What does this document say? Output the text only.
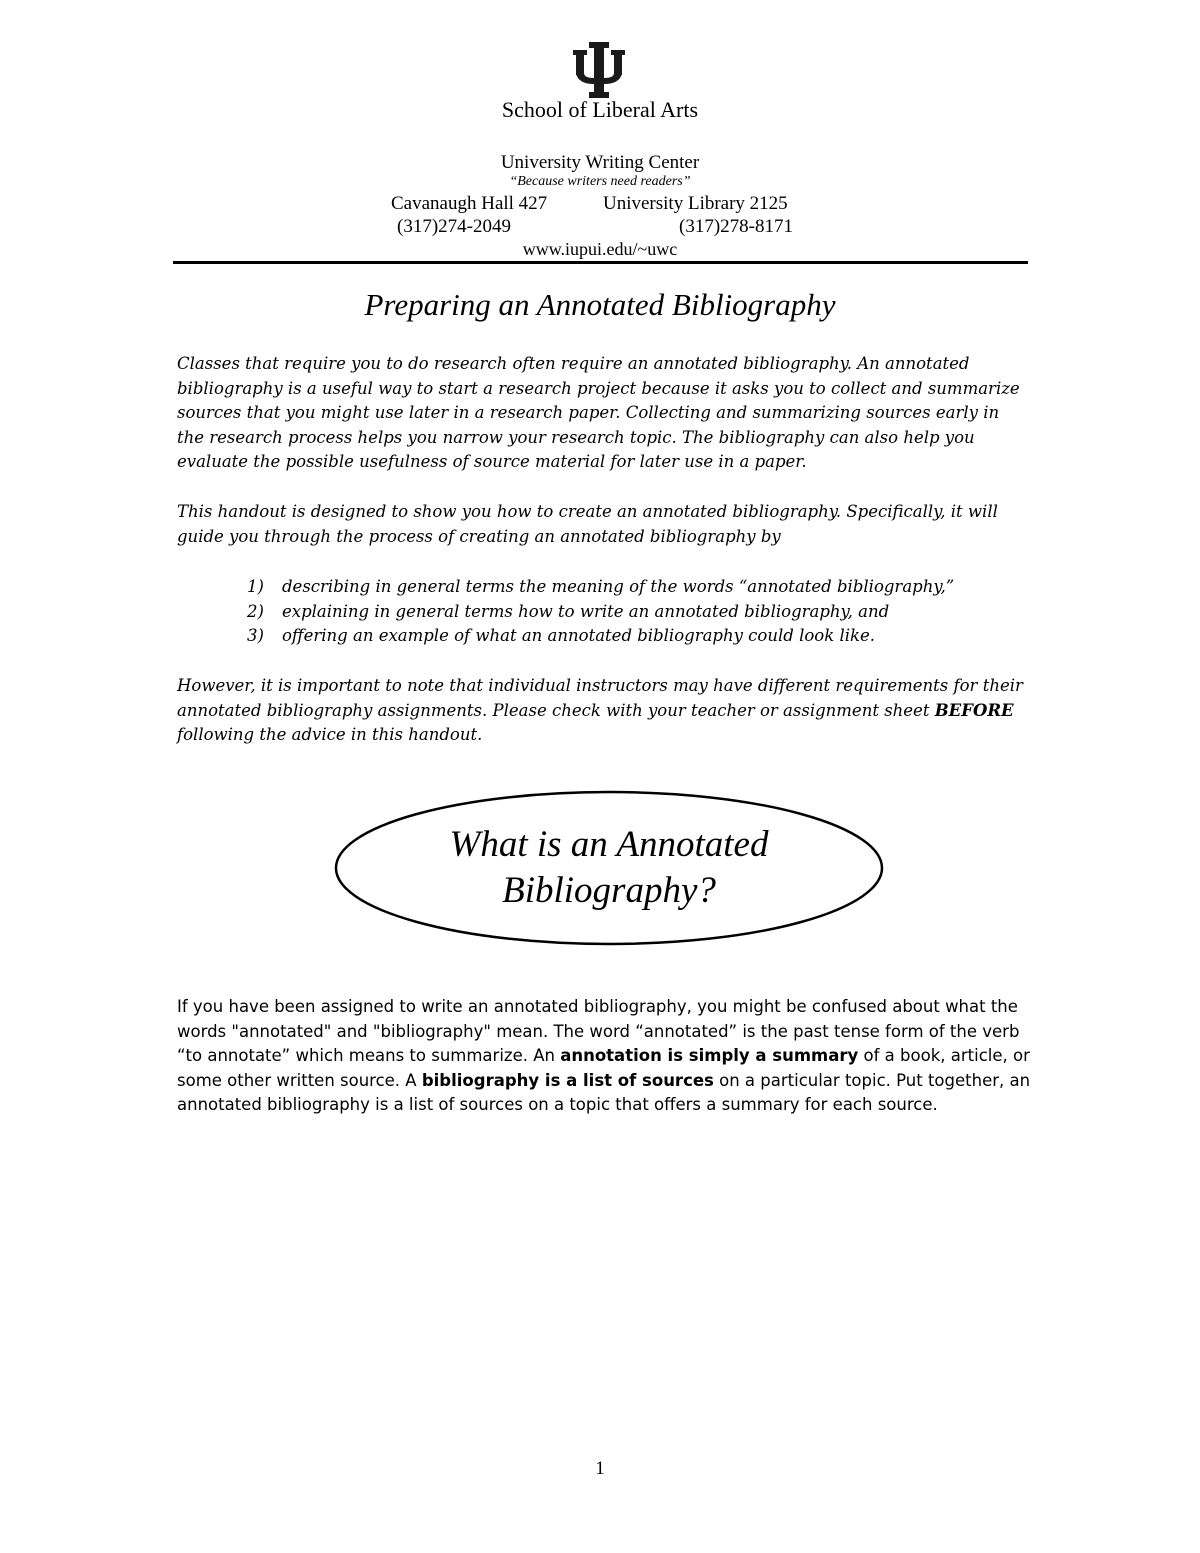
School of Liberal Arts
University Writing Center
“Because writers need readers”
Cavanaugh Hall 427	University Library 2125
(317)274-2049	(317)278-8171
www.iupui.edu/~uwc
Preparing an Annotated Bibliography

Classes that require you to do research often require an annotated bibliography. An annotated bibliography is a useful way to start a research project because it asks you to collect and summarize sources that you might use later in a research paper. Collecting and summarizing sources early in the research process helps you narrow your research topic. The bibliography can also help you evaluate the possible usefulness of source material for later use in a paper.

This handout is designed to show you how to create an annotated bibliography. Specifically, it will guide you through the process of creating an annotated bibliography by

1) describing in general terms the meaning of the words “annotated bibliography,”
2) explaining in general terms how to write an annotated bibliography, and
3) offering an example of what an annotated bibliography could look like.

However, it is important to note that individual instructors may have different requirements for their annotated bibliography assignments. Please check with your teacher or assignment sheet BEFORE following the advice in this handout.

What is an Annotated
Bibliography?

If you have been assigned to write an annotated bibliography, you might be confused about what the words "annotated" and "bibliography" mean. The word “annotated” is the past tense form of the verb “to annotate” which means to summarize. An annotation is simply a summary of a book, article, or some other written source. A bibliography is a list of sources on a particular topic. Put together, an annotated bibliography is a list of sources on a topic that offers a summary for each source.

1
